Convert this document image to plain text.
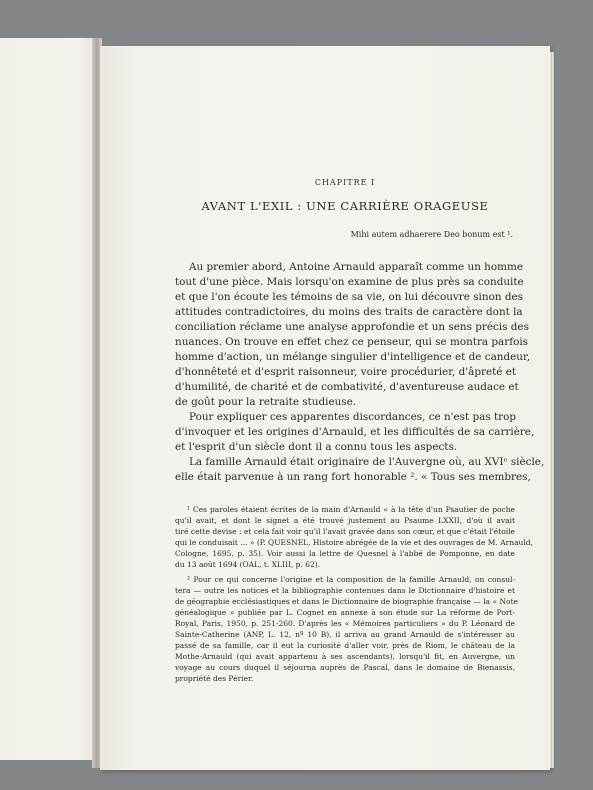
CHAPITRE I
AVANT L'EXIL : UNE CARRIÈRE ORAGEUSE
Mihi autem adhaerere Deo bonum est ¹.
Au premier abord, Antoine Arnauld apparaît comme un homme
tout d'une pièce. Mais lorsqu'on examine de plus près sa conduite
et que l'on écoute les témoins de sa vie, on lui découvre sinon des
attitudes contradictoires, du moins des traits de caractère dont la
conciliation réclame une analyse approfondie et un sens précis des
nuances. On trouve en effet chez ce penseur, qui se montra parfois
homme d'action, un mélange singulier d'intelligence et de candeur,
d'honnêteté et d'esprit raisonneur, voire procédurier, d'âpreté et
d'humilité, de charité et de combativité, d'aventureuse audace et
de goût pour la retraite studieuse.
Pour expliquer ces apparentes discordances, ce n'est pas trop
d'invoquer et les origines d'Arnauld, et les difficultés de sa carrière,
et l'esprit d'un siècle dont il a connu tous les aspects.
La famille Arnauld était originaire de l'Auvergne où, au XVIᵉ siècle,
elle était parvenue à un rang fort honorable ². « Tous ses membres,
¹ Ces paroles étaient écrites de la main d'Arnauld « à la tête d'un Psautier de poche
qu'il avait, et dont le signet a été trouvé justement au Psaume LXXII, d'où il avait
tiré cette devise : et cela fait voir qu'il l'avait gravée dans son cœur, et que c'était l'étoile
qui le conduisait ... » (P. QUESNEL, Histoire abrégée de la vie et des ouvrages de M. Arnauld,
Cologne, 1695, p. 35). Voir aussi la lettre de Quesnel à l'abbé de Pomponne, en date
du 13 août 1694 (OAL, t. XLIII, p. 62).
² Pour ce qui concerne l'origine et la composition de la famille Arnauld, on consul-
tera — outre les notices et la bibliographie contenues dans le Dictionnaire d'histoire et
de géographie ecclésiastiques et dans le Dictionnaire de biographie française — la « Note
généalogique » publiée par L. Cognet en annexe à son étude sur La réforme de Port-
Royal, Paris, 1950, p. 251-260. D'après les « Mémoires particuliers » du P. Léonard de
Sainte-Catherine (ANP, L. 12, nº 10 B), il arriva au grand Arnauld de s'intéresser au
passé de sa famille, car il eut la curiosité d'aller voir, près de Riom, le château de la
Mothe-Arnauld (qui avait appartenu à ses ascendants), lorsqu'il fit, en Auvergne, un
voyage au cours duquel il séjourna auprès de Pascal, dans le domaine de Bienassis,
propriété des Périer.
